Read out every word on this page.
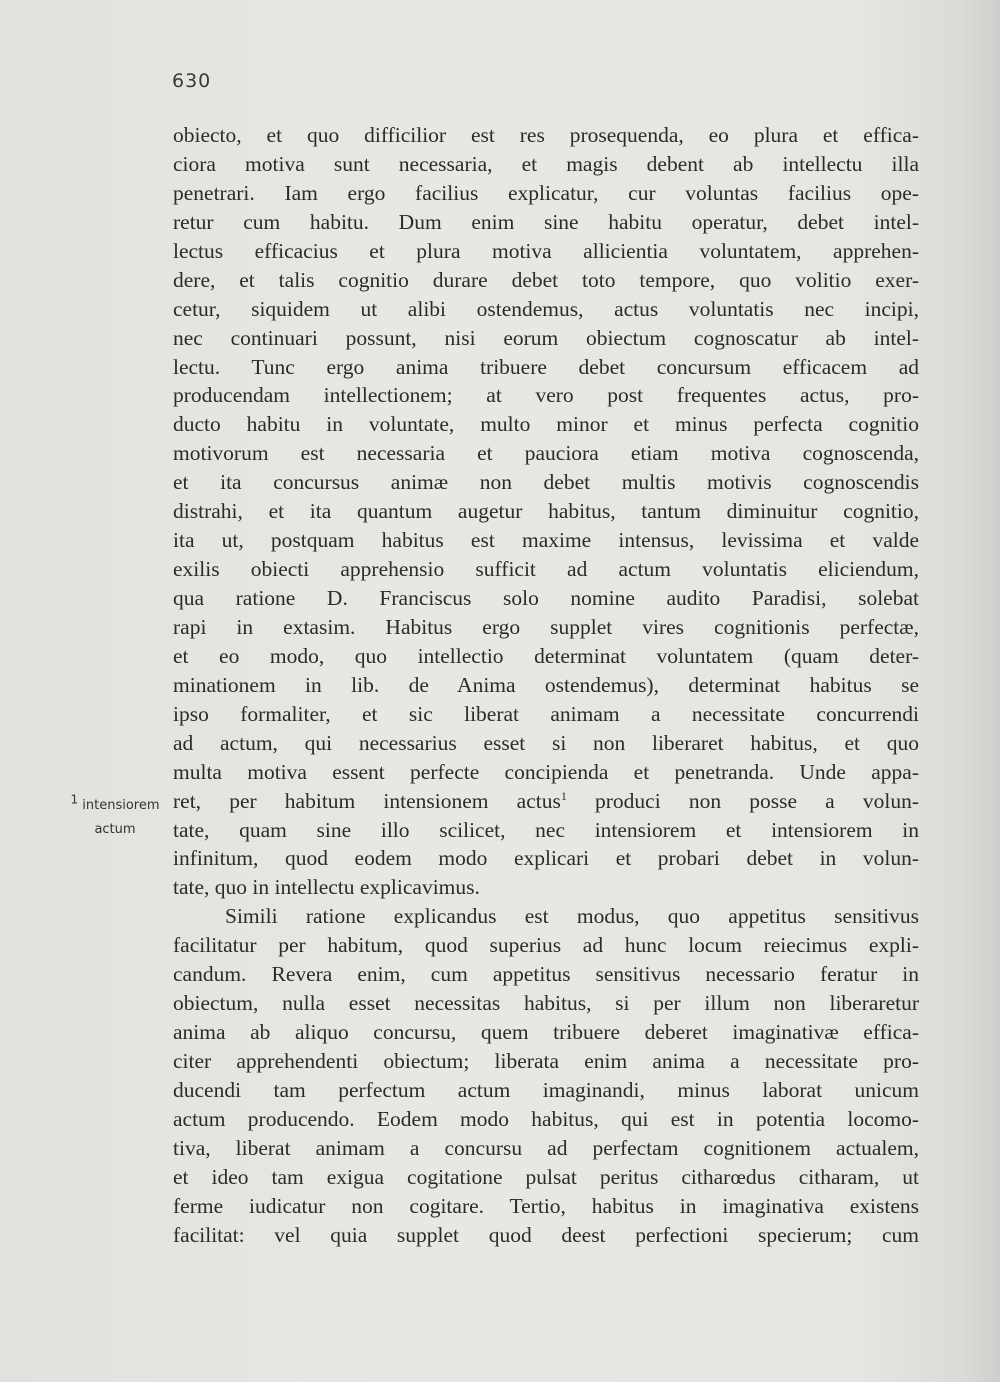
630
$^1$ intensiorem
actum
obiecto, et quo difficilior est res prosequenda, eo plura et effica-
ciora motiva sunt necessaria, et magis debent ab intellectu illa
penetrari. Iam ergo facilius explicatur, cur voluntas facilius ope-
retur cum habitu. Dum enim sine habitu operatur, debet intel-
lectus efficacius et plura motiva allicientia voluntatem, apprehen-
dere, et talis cognitio durare debet toto tempore, quo volitio exer-
cetur, siquidem ut alibi ostendemus, actus voluntatis nec incipi,
nec continuari possunt, nisi eorum obiectum cognoscatur ab intel-
lectu. Tunc ergo anima tribuere debet concursum efficacem ad
producendam intellectionem; at vero post frequentes actus, pro-
ducto habitu in voluntate, multo minor et minus perfecta cognitio
motivorum est necessaria et pauciora etiam motiva cognoscenda,
et ita concursus animæ non debet multis motivis cognoscendis
distrahi, et ita quantum augetur habitus, tantum diminuitur cognitio,
ita ut, postquam habitus est maxime intensus, levissima et valde
exilis obiecti apprehensio sufficit ad actum voluntatis eliciendum,
qua ratione D. Franciscus solo nomine audito Paradisi, solebat
rapi in extasim. Habitus ergo supplet vires cognitionis perfectæ,
et eo modo, quo intellectio determinat voluntatem (quam deter-
minationem in lib. de Anima ostendemus), determinat habitus se
ipso formaliter, et sic liberat animam a necessitate concurrendi
ad actum, qui necessarius esset si non liberaret habitus, et quo
multa motiva essent perfecte concipienda et penetranda. Unde appa-
ret, per habitum intensionem actus$^1$ produci non posse a volun-
tate, quam sine illo scilicet, nec intensiorem et intensiorem in
infinitum, quod eodem modo explicari et probari debet in volun-
tate, quo in intellectu explicavimus.
Simili ratione explicandus est modus, quo appetitus sensitivus
facilitatur per habitum, quod superius ad hunc locum reiecimus expli-
candum. Revera enim, cum appetitus sensitivus necessario feratur in
obiectum, nulla esset necessitas habitus, si per illum non liberaretur
anima ab aliquo concursu, quem tribuere deberet imaginativæ effica-
citer apprehendenti obiectum; liberata enim anima a necessitate pro-
ducendi tam perfectum actum imaginandi, minus laborat unicum
actum producendo. Eodem modo habitus, qui est in potentia locomo-
tiva, liberat animam a concursu ad perfectam cognitionem actualem,
et ideo tam exigua cogitatione pulsat peritus citharœdus citharam, ut
ferme iudicatur non cogitare. Tertio, habitus in imaginativa existens
facilitat: vel quia supplet quod deest perfectioni specierum; cum
